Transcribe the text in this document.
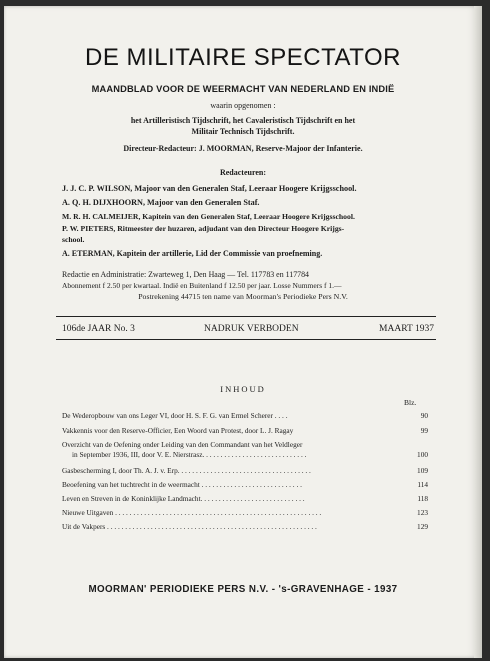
DE MILITAIRE SPECTATOR
MAANDBLAD VOOR DE WEERMACHT VAN NEDERLAND EN INDIË
waarin opgenomen :
het Artilleristisch Tijdschrift, het Cavaleristisch Tijdschrift en het
Militair Technisch Tijdschrift.
Directeur-Redacteur: J. MOORMAN, Reserve-Majoor der Infanterie.
Redacteuren:
J. J. C. P. WILSON, Majoor van den Generalen Staf, Leeraar Hoogere Krijgsschool.
A. Q. H. DIJXHOORN, Majoor van den Generalen Staf.
M. R. H. CALMEIJER, Kapitein van den Generalen Staf, Leeraar Hoogere Krijgsschool.
P. W. PIETERS, Ritmeester der huzaren, adjudant van den Directeur Hoogere Krijgs-
school.
A. ETERMAN, Kapitein der artillerie, Lid der Commissie van proefneming.
Redactie en Administratie: Zwarteweg 1, Den Haag — Tel. 117783 en 117784
Abonnement f 2.50 per kwartaal. Indië en Buitenland f 12.50 per jaar. Losse Nummers f 1.—
Postrekening 44715 ten name van Moorman's Periodieke Pers N.V.
106de JAAR No. 3	NADRUK VERBODEN	MAART 1937
INHOUD
Blz.
De Wederopbouw van ons Leger VI, door H. S. F. G. van Ermel Scherer . . . .	90
Vakkennis voor den Reserve-Officier, Een Woord van Protest, door L. J. Ragay	99
Overzicht van de Oefening onder Leiding van den Commandant van het Veldleger
in September 1936, III, door V. E. Nierstrasz. . . . . . . . . . . . . . . . . . . . . . . . . . . . .	100
Gasbescherming I, door Th. A. J. v. Erp. . . . . . . . . . . . . . . . . . . . . . . . . . . . . . . . . . . . .	109
Beoefening van het tuchtrecht in de weermacht . . . . . . . . . . . . . . . . . . . . . . . . . . . .	114
Leven en Streven in de Koninklijke Landmacht. . . . . . . . . . . . . . . . . . . . . . . . . . . . .	118
Nieuwe Uitgaven . . . . . . . . . . . . . . . . . . . . . . . . . . . . . . . . . . . . . . . . . . . . . . . . . . . . . . . . .	123
Uit de Vakpers . . . . . . . . . . . . . . . . . . . . . . . . . . . . . . . . . . . . . . . . . . . . . . . . . . . . . . . . . .	129
MOORMAN' PERIODIEKE PERS N.V. - 's-GRAVENHAGE - 1937
